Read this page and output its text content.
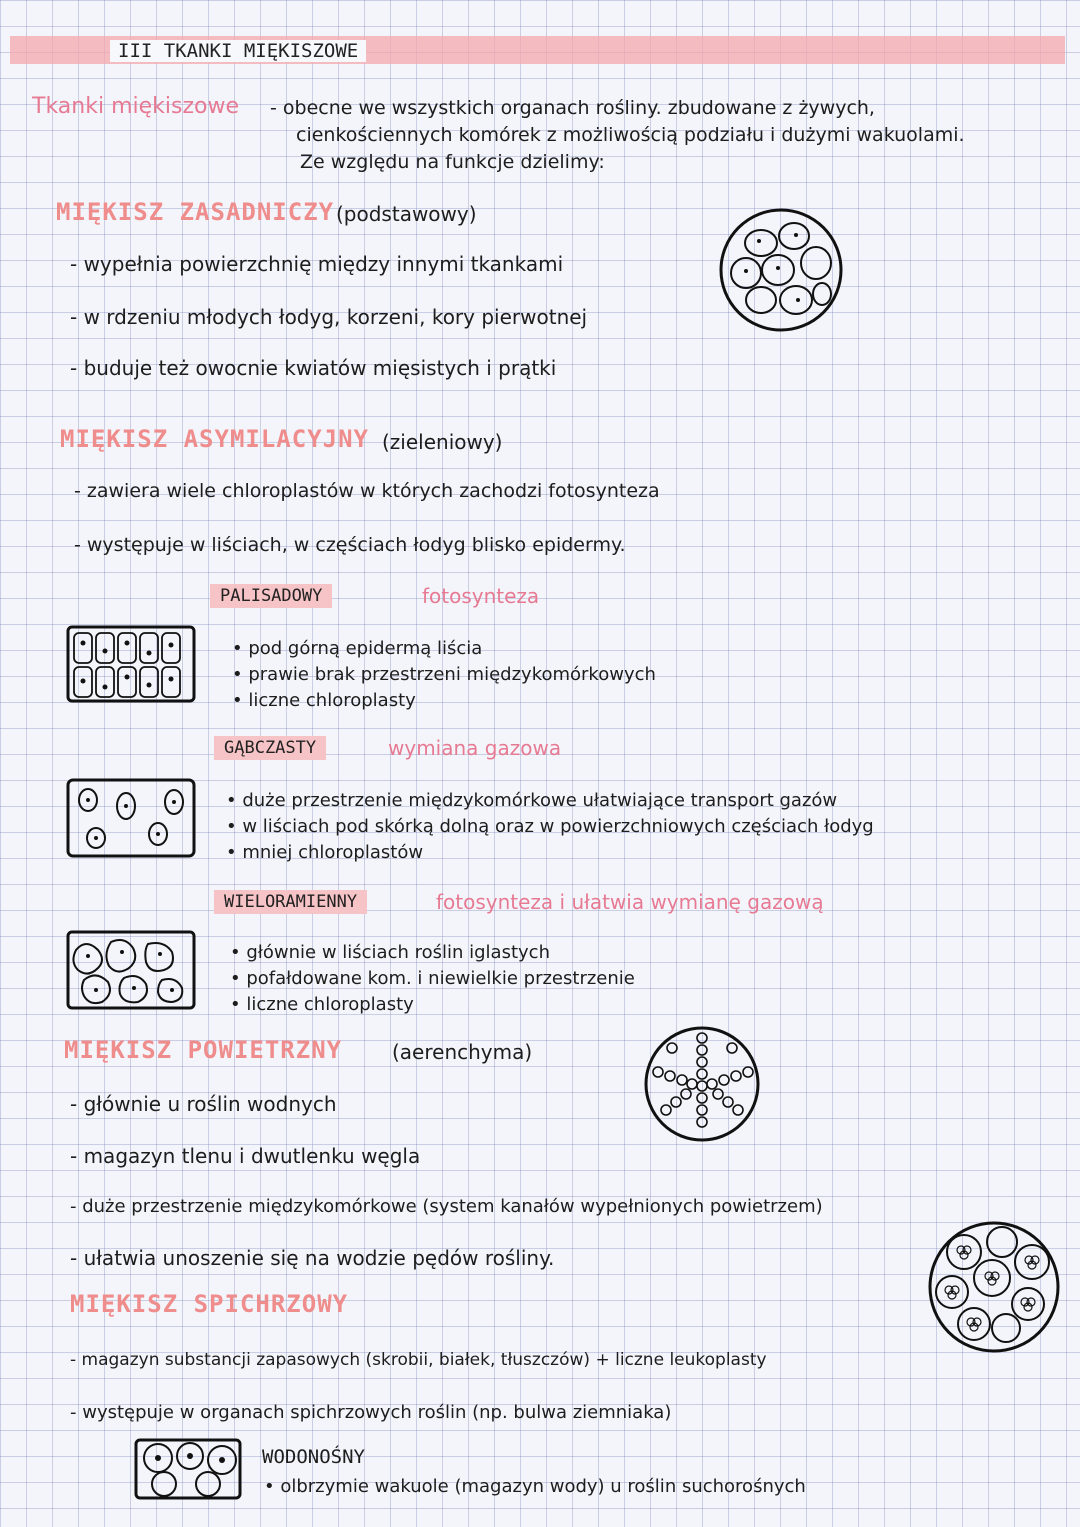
III TKANKI MIĘKISZOWE
Tkanki miękiszowe - obecne we wszystkich organach rośliny. zbudowane z żywych,
cienkościennych komórek z możliwością podziału i dużymi wakuolami.
Ze względu na funkcje dzielimy:
MIĘKISZ ZASADNICZY (podstawowy)
- wypełnia powierzchnię między innymi tkankami
- w rdzeniu młodych łodyg, korzeni, kory pierwotnej
- buduje też owocnie kwiatów mięsistych i prątki
MIĘKISZ ASYMILACYJNY (zieleniowy)
- zawiera wiele chloroplastów w których zachodzi fotosynteza
- występuje w liściach, w częściach łodyg blisko epidermy.
PALISADOWY	fotosynteza
• pod górną epidermą liścia
• prawie brak przestrzeni międzykomórkowych
• liczne chloroplasty
GĄBCZASTY	wymiana gazowa
• duże przestrzenie międzykomórkowe ułatwiające transport gazów
• w liściach pod skórką dolną oraz w powierzchniowych częściach łodyg
• mniej chloroplastów
WIELORAMIENNY	fotosynteza i ułatwia wymianę gazową
• głównie w liściach roślin iglastych
• pofałdowane kom. i niewielkie przestrzenie
• liczne chloroplasty
MIĘKISZ POWIETRZNY (aerenchyma)
- głównie u roślin wodnych
- magazyn tlenu i dwutlenku węgla
- duże przestrzenie międzykomórkowe (system kanałów wypełnionych powietrzem)
- ułatwia unoszenie się na wodzie pędów rośliny.
MIĘKISZ SPICHRZOWY
- magazyn substancji zapasowych (skrobii, białek, tłuszczów) + liczne leukoplasty
- występuje w organach spichrzowych roślin (np. bulwa ziemniaka)
WODONOŚNY
• olbrzymie wakuole (magazyn wody) u roślin suchorośnych
